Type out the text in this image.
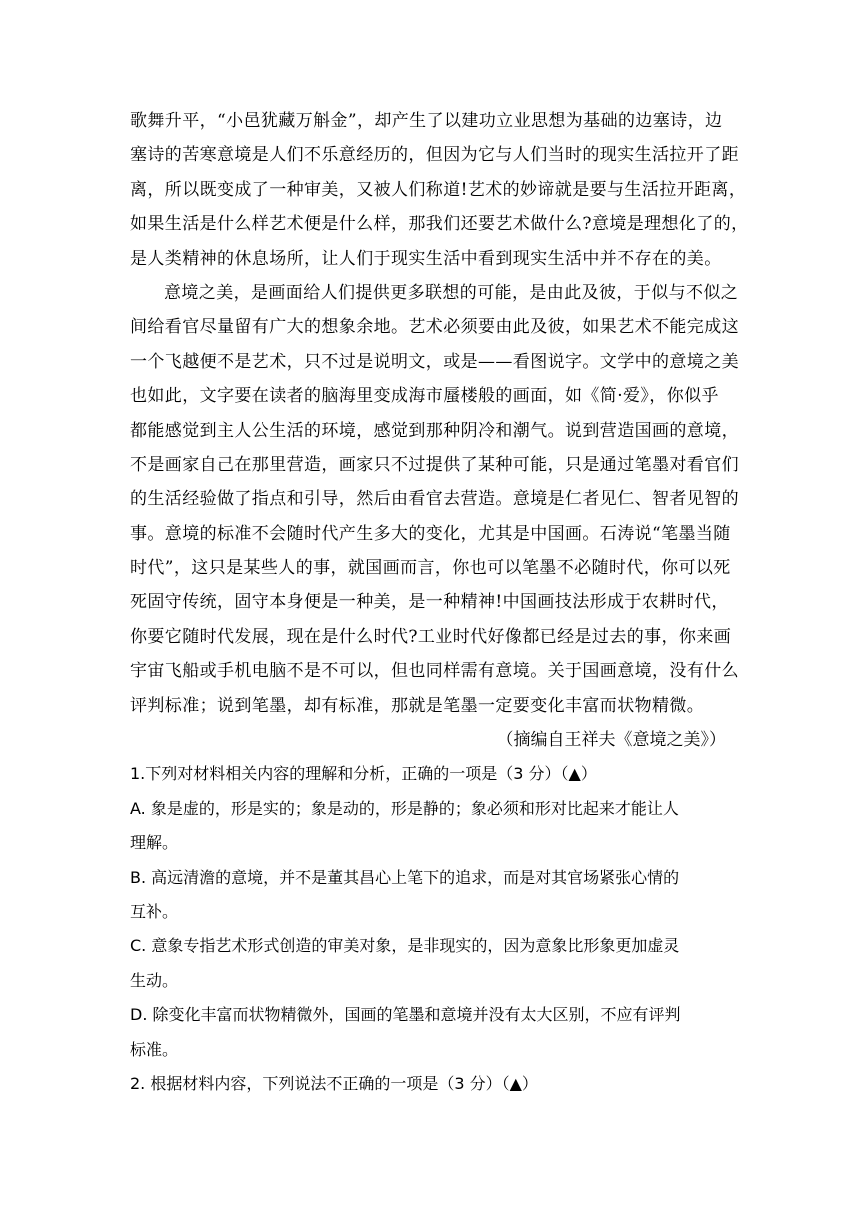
歌舞升平，“小邑犹藏万斛金”，却产生了以建功立业思想为基础的边塞诗，边
塞诗的苦寒意境是人们不乐意经历的，但因为它与人们当时的现实生活拉开了距
离，所以既变成了一种审美，又被人们称道!艺术的妙谛就是要与生活拉开距离，
如果生活是什么样艺术便是什么样，那我们还要艺术做什么?意境是理想化了的，
是人类精神的休息场所，让人们于现实生活中看到现实生活中并不存在的美。
意境之美，是画面给人们提供更多联想的可能，是由此及彼，于似与不似之
间给看官尽量留有广大的想象余地。艺术必须要由此及彼，如果艺术不能完成这
一个飞越便不是艺术，只不过是说明文，或是——看图说字。文学中的意境之美
也如此，文字要在读者的脑海里变成海市蜃楼般的画面，如《简·爱》，你似乎
都能感觉到主人公生活的环境，感觉到那种阴冷和潮气。说到营造国画的意境，
不是画家自己在那里营造，画家只不过提供了某种可能，只是通过笔墨对看官们
的生活经验做了指点和引导，然后由看官去营造。意境是仁者见仁、智者见智的
事。意境的标准不会随时代产生多大的变化，尤其是中国画。石涛说“笔墨当随
时代”，这只是某些人的事，就国画而言，你也可以笔墨不必随时代，你可以死
死固守传统，固守本身便是一种美，是一种精神!中国画技法形成于农耕时代，
你要它随时代发展，现在是什么时代?工业时代好像都已经是过去的事，你来画
宇宙飞船或手机电脑不是不可以，但也同样需有意境。关于国画意境，没有什么
评判标准；说到笔墨，却有标准，那就是笔墨一定要变化丰富而状物精微。
（摘编自王祥夫《意境之美》）
1.下列对材料相关内容的理解和分析，正确的一项是（3 分）（▲）
A. 象是虚的，形是实的；象是动的，形是静的；象必须和形对比起来才能让人
理解。
B. 高远清澹的意境，并不是董其昌心上笔下的追求，而是对其官场紧张心情的
互补。
C. 意象专指艺术形式创造的审美对象，是非现实的，因为意象比形象更加虚灵
生动。
D. 除变化丰富而状物精微外，国画的笔墨和意境并没有太大区别，不应有评判
标准。
2. 根据材料内容，下列说法不正确的一项是（3 分）（▲）
